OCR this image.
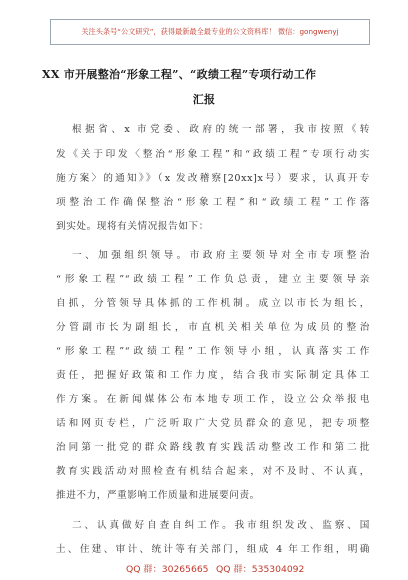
关注头条号“公文研究”，获得最新最全最专业的公文资料库！ 微信：gongwenyj
XX 市开展整治“形象工程”、“政绩工程”专项行动工作
汇报
根据省、x 市党委、政府的统一部署，我市按照《转
发《关于印发〈整治“形象工程”和“政绩工程”专项行动实
施方案〉的通知》》（x 发改稽察[20xx]x号）要求，认真开专
项整治工作确保整治“形象工程”和“政绩工程”工作落
到实处。现将有关情况报告如下：
一、加强组织领导。市政府主要领导对全市专项整治
“形象工程”“政绩工程”工作负总责，建立主要领导亲
自抓，分管领导具体抓的工作机制。成立以市长为组长，
分管副市长为副组长，市直机关相关单位为成员的整治
“形象工程”“政绩工程”工作领导小组，认真落实工作
责任，把握好政策和工作力度，结合我市实际制定具体工
作方案。在新闻媒体公布本地专项工作，设立公众举报电
话和网页专栏，广泛听取广大党员群众的意见，把专项整
治同第一批党的群众路线教育实践活动整改工作和第二批
教育实践活动对照检查有机结合起来，对不及时、不认真，
推进不力，严重影响工作质量和进展要问责。
二、认真做好自查自纠工作。我市组织发改、监察、国
土、住建、审计、统计等有关部门，组成 4 年工作组，明确
QQ 群：30265665 QQ 群：535304092
